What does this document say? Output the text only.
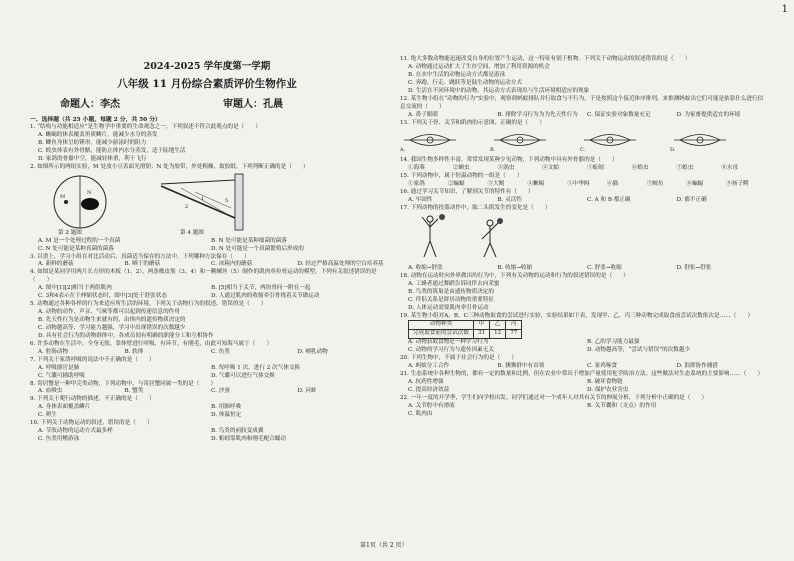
1
2024-2025 学年度第一学期
八年级 11 月份综合素质评价生物作业
命题人：李杰	审题人：孔晨
一、选择题（共 25 小题，每题 2 分，共 50 分）
1. “结构与功能相适应”是生物学中重要的生命观念之一。下列叙述不符合此观点的是（　　）
A. 蜥蜴的体表覆盖角质鳞片，能减少水分的蒸发
B. 鲫鱼身体呈纺锤形，能减少游泳时的阻力
C. 蝗虫体表有外骨骼，能防止体内水分蒸发，适于陆地生活
D. 家鸽的骨骼中空，能减轻体重，利于飞行
2. 如图所示的两组实验，M 处放小豆表面光滑韧；N 处为胶带，外处粗燥，取胶纸。下列判断正确的是（　　）
M
N
1
2
5
第 2 题图	第 4 题图
A. M 是一个处理过程的一个真菌	B. N 处可能是某种细菌的菌落
C. N 处可能是某种真菌的菌落	D. N 处可能是一个真菌繁殖后形成的
3. 以重上，学习小组在对比活动后，真菌适当保存的方法中，下列哪种方法保存（　　）
A. 新鲜的蘑菇	B. 晒干的蘑菇	C. 冰箱内的蘑菇	D. 经过严格高温处理的空白培养基
4. 如图是某同学用两片长方形的木板（1、2）、两条橡皮筋（3、4）和一颗螺丝（5）制作的肌肉牵拉骨运动的模型。下列有关叙述错误的是（　　）
A. 图中[1][2]相当于两组肌肉	B. [5]相当于关节，两块骨同一附在一起
C. 3和4表示在于伸缩状态时，图中[3]处于舒张状态	D. 人通过肌肉的收缩牵引骨绕着关节做运动
5. 动物通过各种各样的行为来适应所生活的环境。下列关于动物行为的叙述，错误的是（　　）
A. 动物的动作、声音、气味等都可以起到传递信息的作用
B. 先天性行为是动物生来就有的，由体内的遗传物质决定的
C. 动物越高等，学习能力越强，学习中出现错误的次数越少
D. 具有社会行为的动物群体中，各成员间有明确的职能分工和互相协作
6. 许多动物在生活中，全身无肢，靠体壁进行呼吸，有环节，有刚毛，由此可知海马属于（　　）
A. 腔肠动物	B. 软体	C. 鱼类	D. 哺乳动物
7. 下列关于家鸽呼吸的说法中不正确的是（　　）
A. 呼吸器官是肺	B. 每呼吸 1 次，进行 2 次气体交换
C. 气囊可辅助呼吸	D. 气囊可以进行气体交换
8. 寄居蟹是一种甲壳类动物，下列动物中，与寄居蟹同属一类的是（　　）
A. 血吸虫	B. 蟹类	C. 沙蚕	D. 河蚌
9. 下列关于爬行动物的描述，不正确的是（　　）
A. 身体表面覆盖鳞片	B. 用肺呼吸
C. 卵生	D. 体温恒定
10. 下列关于动物运动的叙述，错误的是（　　）
A. 节肢动物的运动方式最多样	B. 鸟类的前肢变成翼
C. 鱼类用鳍游泳	D. 蚯蚓靠肌肉和刚毛配合蠕动
11. 绝大多数动物能迅速改变自身的位置产生运动，这一特征有别于植物。下列关于动物运动的叙述错误的是（　　）
A. 动物通过运动扩大了生存空间，增加了利用资源的机会
B. 在水中生活的动物运动方式都是游泳
C. 奔跑、行走、跳跃等是陆生动物的运动方式
D. 生活在不同环境中的动物，其运动方式表现出与生活环境相适应的现象
12. 某生物小组在“动物的行为”实验中，观察到蚂蚁排队并行取食与不行为，于是按照这个接近体序排列，来推测蚂蚁出它们可能是依靠什么进行信息交流的（　　）
A. 鼻子眼睛	B. 排除学习行为为为先天性行为	C. 保证实验对象数量充足	D. 为家畜提供适宜的环境
13. 下列关于骨、关节和肌肉的示意图，正确的是（　　）
A.	B.	C.	D.
14. 我国生物多样性丰富，常常发现某种少见动物，下列动物中具有外骨骼的是（　　）
①海葵	②蛔虫	③涡虫	④文蛤	⑤蚯蚓	⑥蝗虫	⑦蝗虫	⑧水母
15. 下列动物中，属于恒温动物的一组是（　　）
①家鸽	②蝙蝠	③大鲵	④蜥蜴	⑤中华鲟	⑥猫	⑦鲸鱼	⑧蝙蝠	⑨扬子鳄
16. 通过学习关节知识，了解到关节的特性有（　　）
A. 牢固性	B. 灵活性	C. A 和 B 都正确	D. 都不正确
17. 下列动物的投篮动作中，肱二头肌发生的变化是（　　）
A. 收缩→舒张	B. 收缩→收缩	C. 舒张→收缩	D. 舒张→舒张
18. 动物在运动时向外界做出的行为中，下列有关动物的运动和行为的叙述错误的是（　　）
A. 工蜂者通过舞蹈告诉同伴去向采蜜
B. 鸟类的筑巢是由遗传物质决定的
C. 伴侣关系是群居动物的重要特征
D. 人体运动需要肌肉牵引骨运动
19. 某生物小组对A、B、C三种动物取食的尝试进行实验，实验结果如下表，发现甲、乙、丙三种动物完成取食前尝试次数依次是……（　　）
动物种类	甲	乙	丙
完成取食前的尝试次数	31	12	77
A. 动物获取食物是一种学习行为	B. 乙的学习能力最强
C. 动物的学习行为与遗传因素无关	D. 动物越高等，“尝试与错误”的次数越少
20. 下列生物中，不属于社会行为的是（　　）
A. 蚂蚁分工合作	B. 狒狒群中有首领	C. 家鸡啄食	D. 狼群协作捕猎
21. 生态系统中各种生物的，都有一定的数量和比例，但在农业中常出于增加产量使用化学防治方法。这些做法对生态系统的主要影响……（　　）
A. 抗药性增强	B. 破坏食物链
C. 提高经济效益	D. 保护农业害虫
22. 一年一度的开学季，学生们向学校出发。同学们通过对一个成年人对其有关节的伸展分析，下列分析中正确的是（　　）
A. 关节腔中有滑液	B. 关节囊和（支点）的作用
C. 肌肉由
第1页（共 2 页）
